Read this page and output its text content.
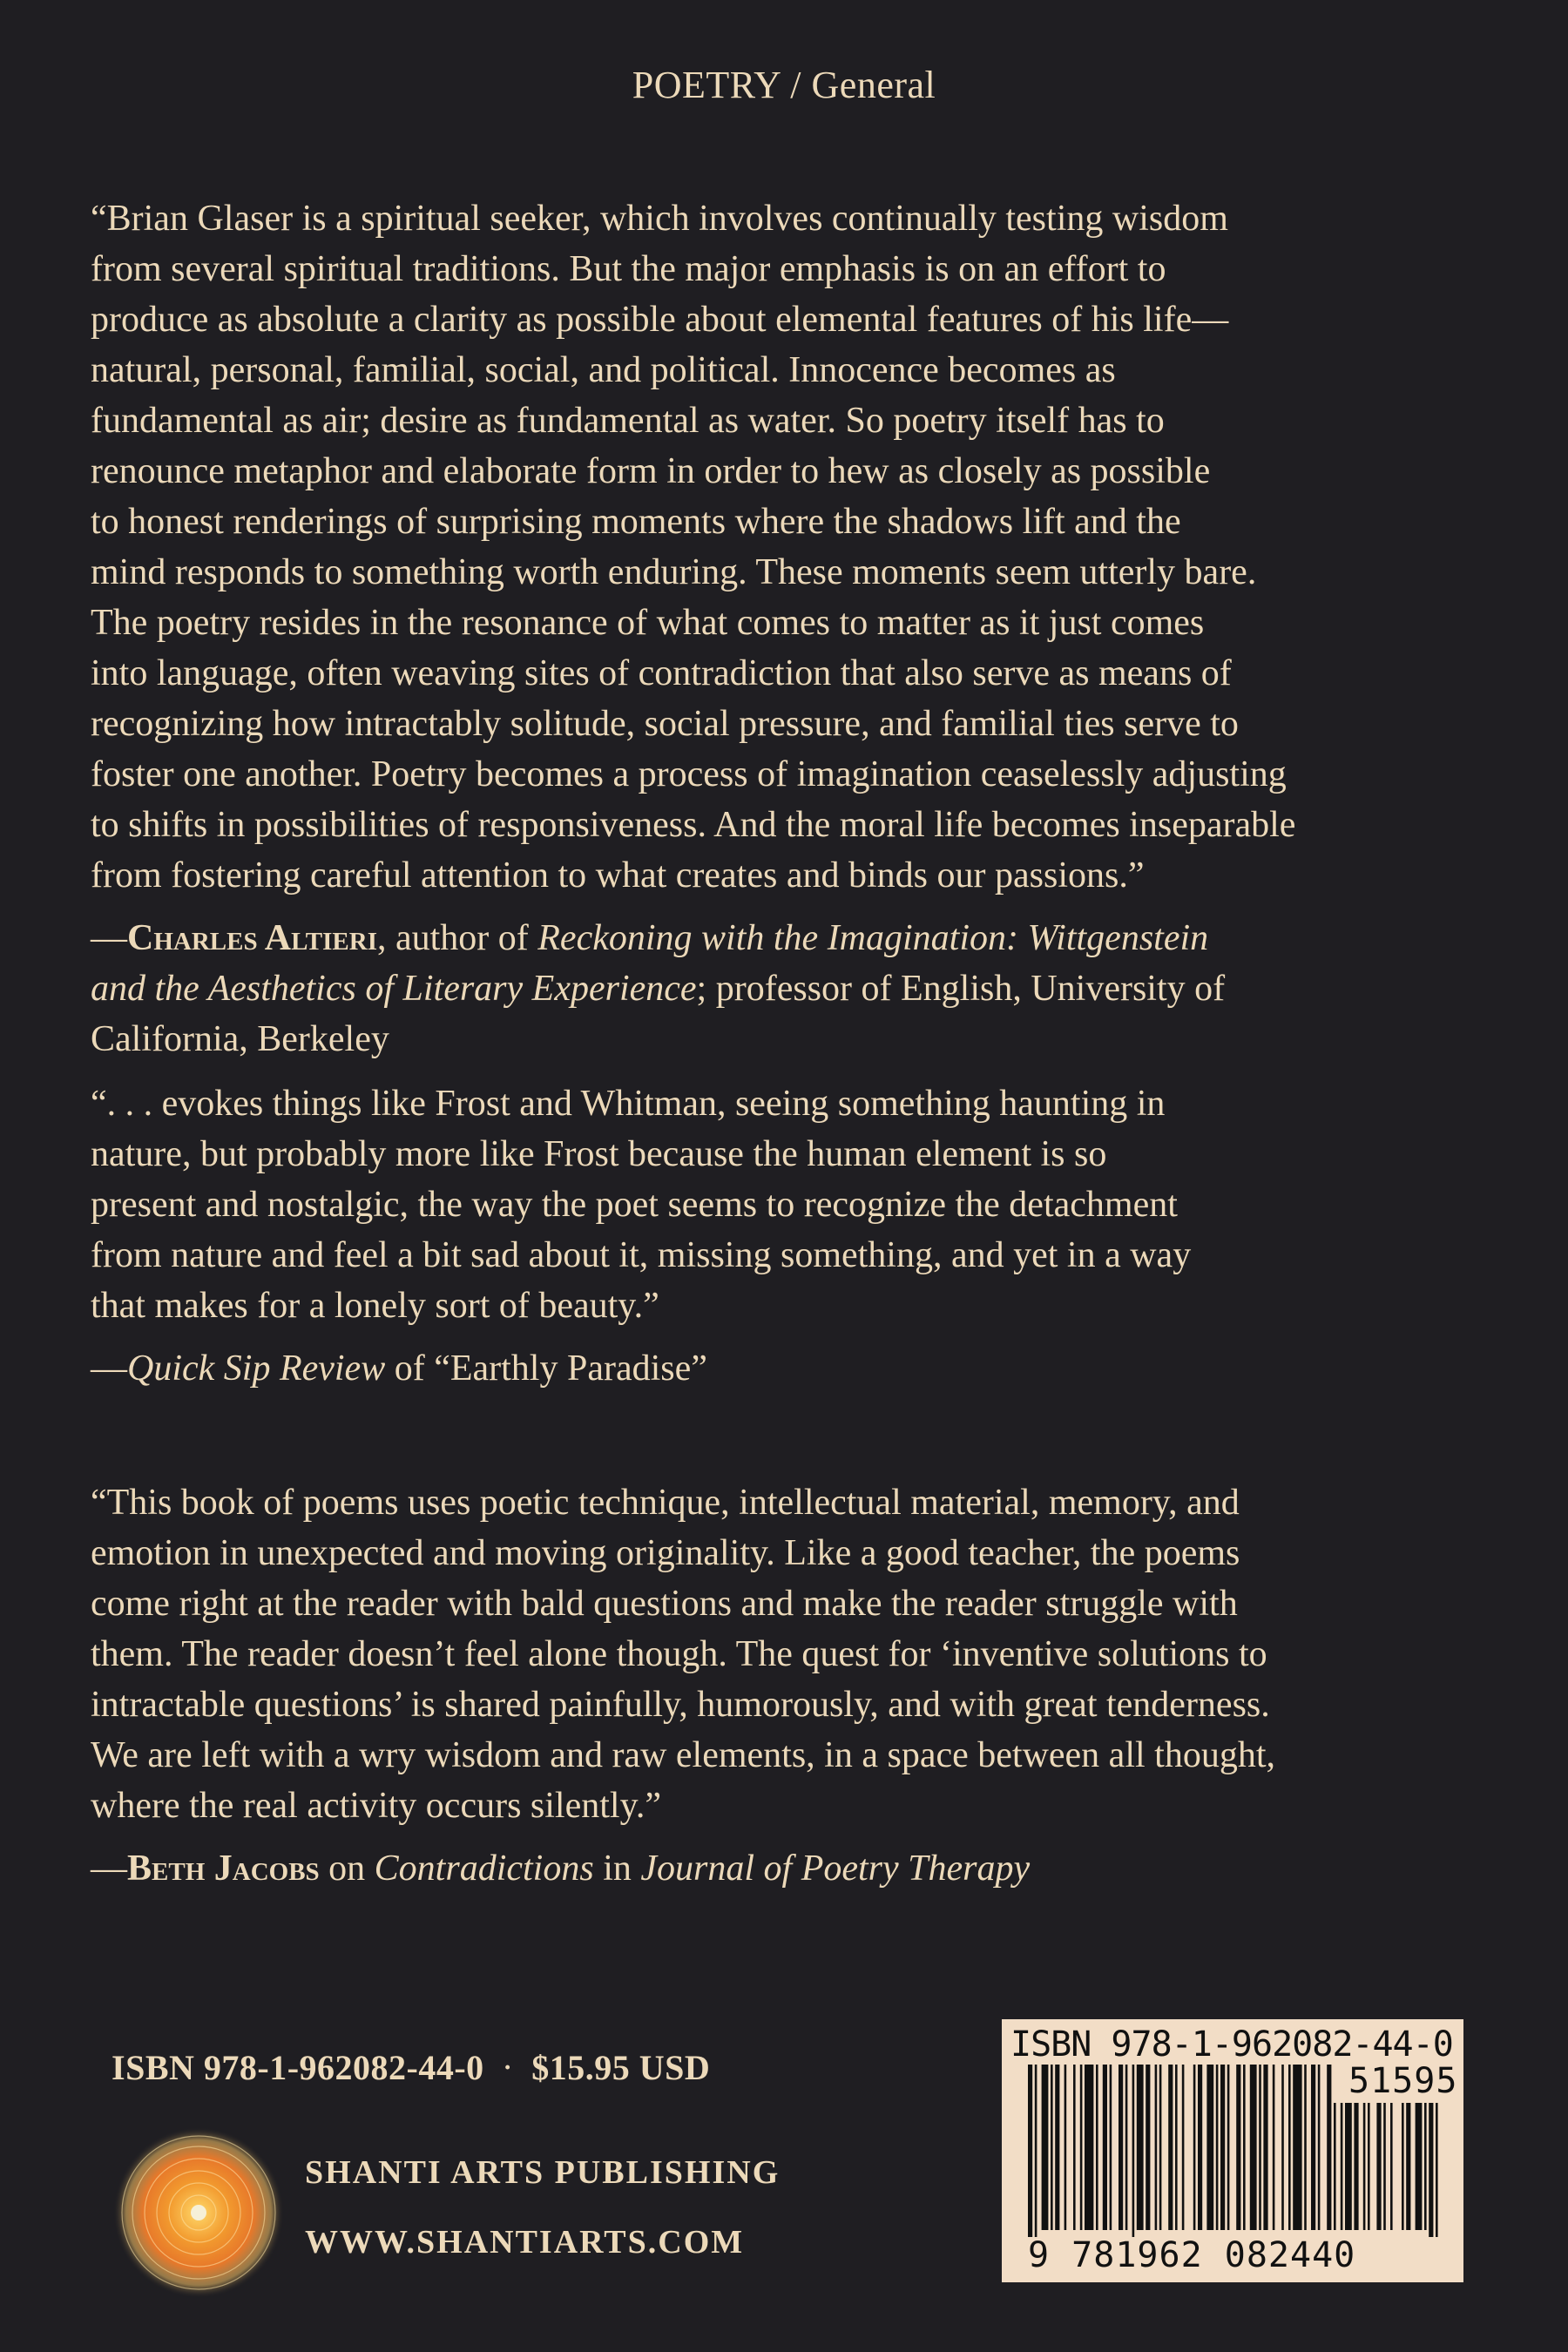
POETRY / General

“Brian Glaser is a spiritual seeker, which involves continually testing wisdom

from several spiritual traditions. But the major emphasis is on an effort to

produce as absolute a clarity as possible about elemental features of his life—

natural, personal, familial, social, and political. Innocence becomes as

fundamental as air; desire as fundamental as water. So poetry itself has to

renounce metaphor and elaborate form in order to hew as closely as possible

to honest renderings of surprising moments where the shadows lift and the

mind responds to something worth enduring. These moments seem utterly bare.

The poetry resides in the resonance of what comes to matter as it just comes

into language, often weaving sites of contradiction that also serve as means of

recognizing how intractably solitude, social pressure, and familial ties serve to

foster one another. Poetry becomes a process of imagination ceaselessly adjusting

to shifts in possibilities of responsiveness. And the moral life becomes inseparable

from fostering careful attention to what creates and binds our passions.”

—Charles Altieri, author of Reckoning with the Imagination: Wittgenstein

and the Aesthetics of Literary Experience; professor of English, University of

California, Berkeley

“. . . evokes things like Frost and Whitman, seeing something haunting in

nature, but probably more like Frost because the human element is so

present and nostalgic, the way the poet seems to recognize the detachment

from nature and feel a bit sad about it, missing something, and yet in a way

that makes for a lonely sort of beauty.”

—Quick Sip Review of “Earthly Paradise”

“This book of poems uses poetic technique, intellectual material, memory, and

emotion in unexpected and moving originality. Like a good teacher, the poems

come right at the reader with bald questions and make the reader struggle with

them. The reader doesn’t feel alone though. The quest for ‘inventive solutions to

intractable questions’ is shared painfully, humorously, and with great tenderness.

We are left with a wry wisdom and raw elements, in a space between all thought,

where the real activity occurs silently.”

—Beth Jacobs on Contradictions in Journal of Poetry Therapy

ISBN 978-1-962082-44-0 · $15.95 USD
SHANTI ARTS PUBLISHING
WWW.SHANTIARTS.COM
ISBN 978-1-962082-44-0
51595
9 781962 082440
